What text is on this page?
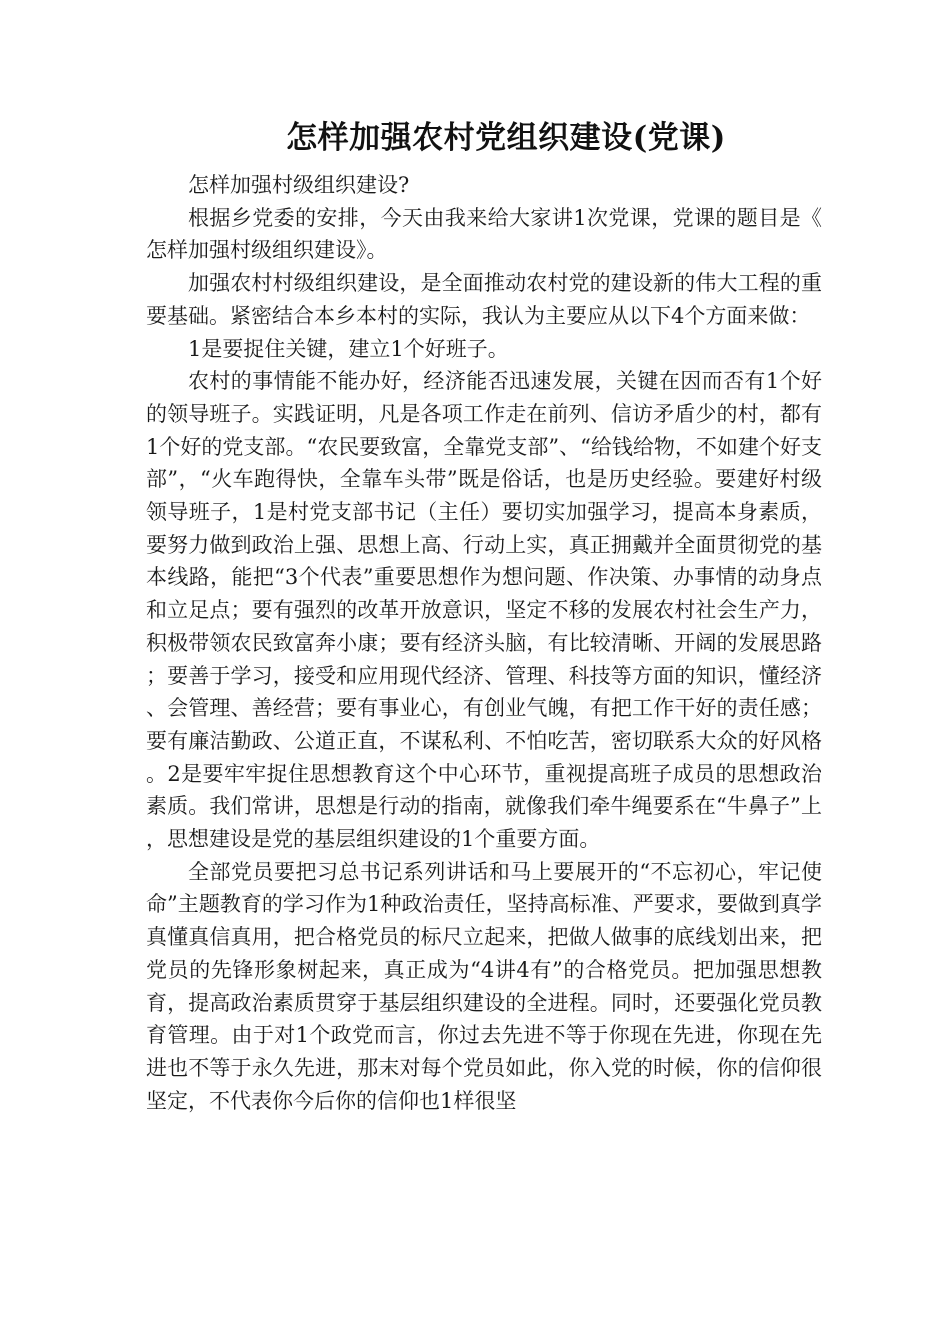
怎样加强农村党组织建设(党课)

怎样加强村级组织建设?

根据乡党委的安排，今天由我来给大家讲1次党课，党课的题目是《怎样加强村级组织建设》。

加强农村村级组织建设，是全面推动农村党的建设新的伟大工程的重要基础。紧密结合本乡本村的实际，我认为主要应从以下4个方面来做：

1是要捉住关键，建立1个好班子。

农村的事情能不能办好，经济能否迅速发展，关键在因而否有1个好的领导班子。实践证明，凡是各项工作走在前列、信访矛盾少的村，都有1个好的党支部。“农民要致富，全靠党支部”、“给钱给物，不如建个好支部”，“火车跑得快，全靠车头带”既是俗话，也是历史经验。要建好村级领导班子，1是村党支部书记（主任）要切实加强学习，提高本身素质，要努力做到政治上强、思想上高、行动上实，真正拥戴并全面贯彻党的基本线路，能把“3个代表”重要思想作为想问题、作决策、办事情的动身点和立足点；要有强烈的改革开放意识，坚定不移的发展农村社会生产力，积极带领农民致富奔小康；要有经济头脑，有比较清晰、开阔的发展思路；要善于学习，接受和应用现代经济、管理、科技等方面的知识，懂经济、会管理、善经营；要有事业心，有创业气魄，有把工作干好的责任感；要有廉洁勤政、公道正直，不谋私利、不怕吃苦，密切联系大众的好风格。2是要牢牢捉住思想教育这个中心环节，重视提高班子成员的思想政治素质。我们常讲，思想是行动的指南，就像我们牵牛绳要系在“牛鼻子”上，思想建设是党的基层组织建设的1个重要方面。

全部党员要把习总书记系列讲话和马上要展开的“不忘初心，牢记使命”主题教育的学习作为1种政治责任，坚持高标准、严要求，要做到真学真懂真信真用，把合格党员的标尺立起来，把做人做事的底线划出来，把党员的先锋形象树起来，真正成为“4讲4有”的合格党员。把加强思想教育，提高政治素质贯穿于基层组织建设的全进程。同时，还要强化党员教育管理。由于对1个政党而言，你过去先进不等于你现在先进，你现在先进也不等于永久先进，那末对每个党员如此，你入党的时候，你的信仰很坚定，不代表你今后你的信仰也1样很坚
